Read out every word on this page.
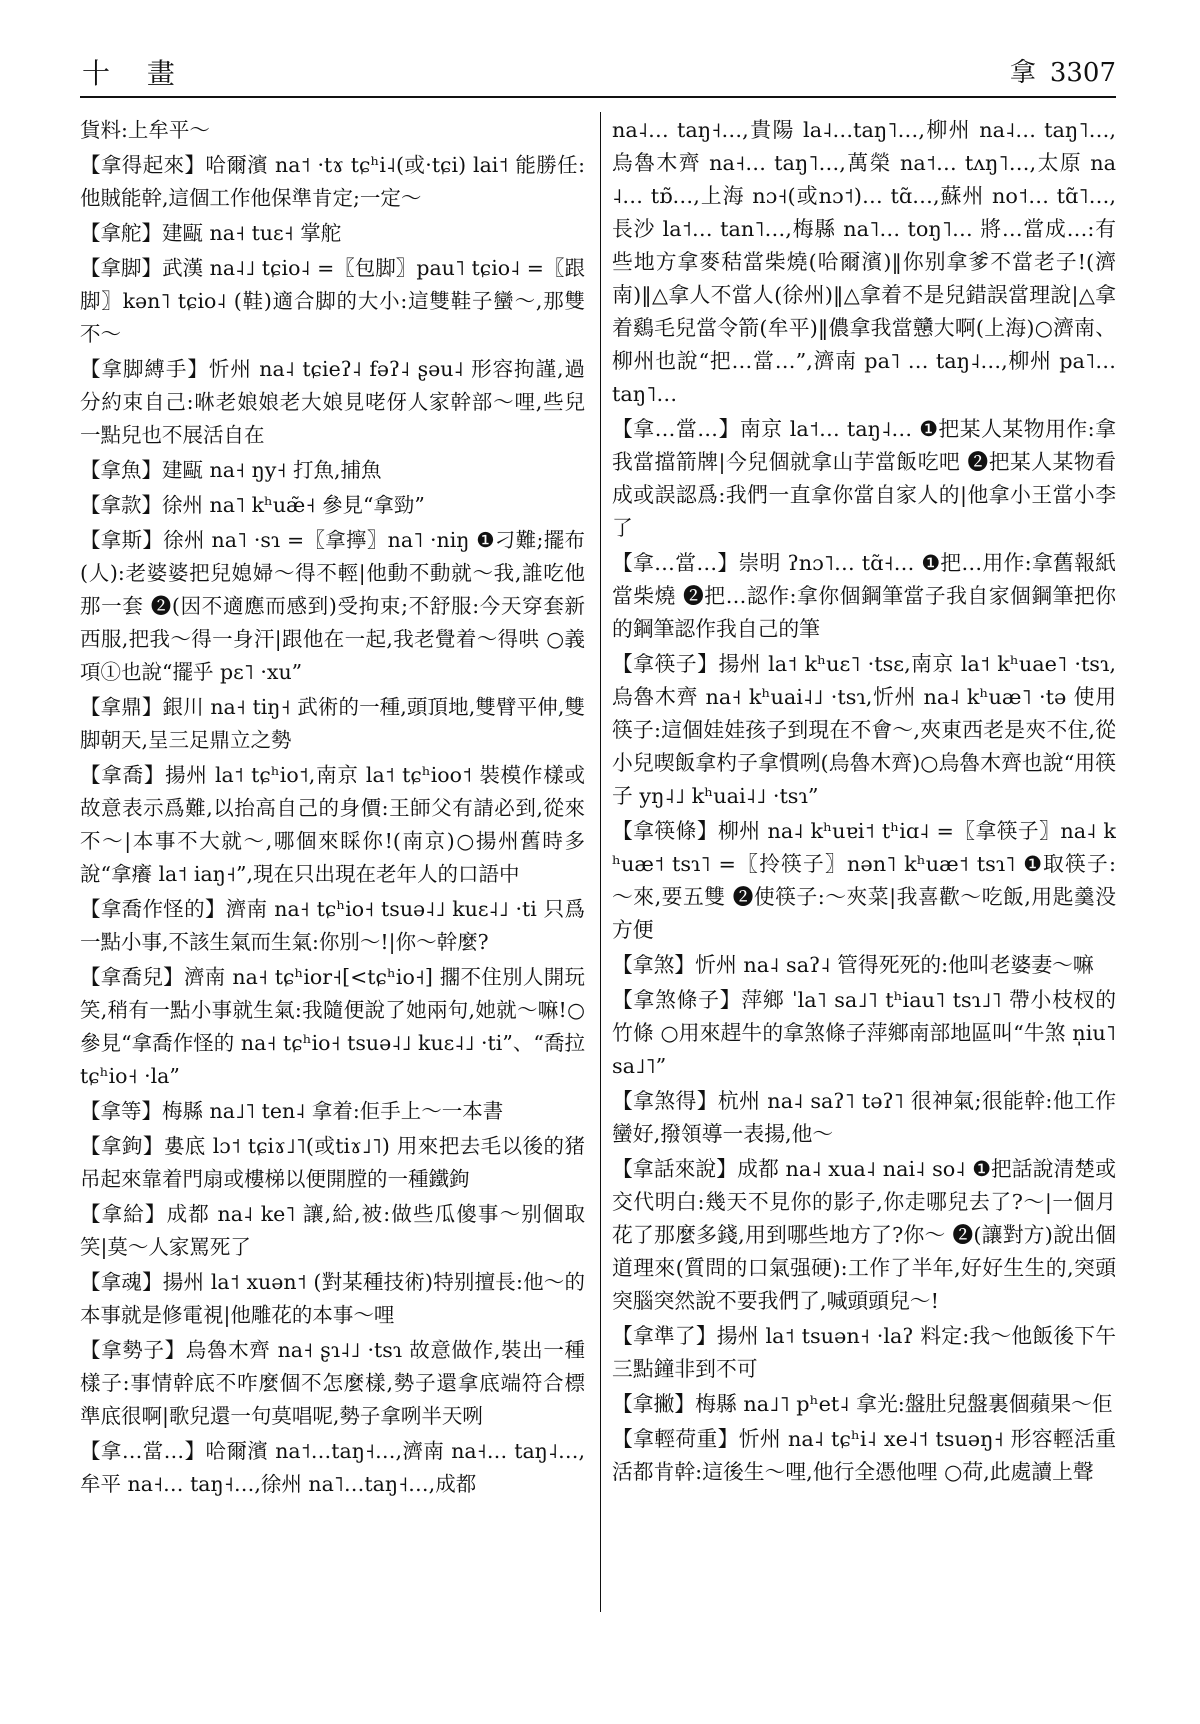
十 畫	拿 3307

貨料:上牟平～

【拿得起來】哈爾濱 na˦ ·tɤ tɕʰi˨(或·tɕi) lai˦ 能勝任:他賊能幹,這個工作他保準肯定;一定～

【拿舵】建甌 na˧ tuɛ˧ 掌舵

【拿脚】武漢 na˨˩ tɕio˨ =〖包脚〗pau˥ tɕio˨ =〖跟脚〗kən˥ tɕio˨ (鞋)適合脚的大小:這雙鞋子蠻～,那雙不～

【拿脚縛手】忻州 na˨ tɕieʔ˨ fəʔ˨ ʂəu˨ 形容拘謹,過分約束自己:咻老娘娘老大娘見咾伢人家幹部～哩,些兒一點兒也不展活自在

【拿魚】建甌 na˧ ŋy˧ 打魚,捕魚

【拿款】徐州 na˥ kʰuæ̃˧ 參見“拿勁”

【拿斯】徐州 na˥ ·sɿ =〖拿擰〗na˥ ·niŋ ❶刁難;擺布(人):老婆婆把兒媳婦～得不輕|他動不動就～我,誰吃他那一套 ❷(因不適應而感到)受拘束;不舒服:今天穿套新西服,把我～得一身汗|跟他在一起,我老覺着～得哄 ○義項①也說“擺乎 pɛ˥ ·xu”

【拿鼎】銀川 na˧ tiŋ˧ 武術的一種,頭頂地,雙臂平伸,雙脚朝天,呈三足鼎立之勢

【拿喬】揚州 la˦ tɕʰio˦,南京 la˦ tɕʰioo˦ 裝模作樣或故意表示爲難,以抬高自己的身價:王師父有請必到,從來不～|本事不大就～,哪個來睬你!(南京)○揚州舊時多說“拿癢 la˦ iaŋ˧”,現在只出現在老年人的口語中

【拿喬作怪的】濟南 na˧ tɕʰio˧ tsuə˨˩ kuɛ˨˩ ·ti 只爲一點小事,不該生氣而生氣:你別～!|你～幹麼?

【拿喬兒】濟南 na˧ tɕʰior˧[<tɕʰio˧] 擱不住別人開玩笑,稍有一點小事就生氣:我隨便說了她兩句,她就～嘛!○參見“拿喬作怪的 na˧ tɕʰio˧ tsuə˨˩ kuɛ˨˩ ·ti”、“喬拉 tɕʰio˧ ·la”

【拿等】梅縣 na˩˥ ten˨ 拿着:佢手上～一本書

【拿鉤】婁底 lɔ˦ tɕiɤ˩˥(或tiɤ˩˥) 用來把去毛以後的猪吊起來靠着門扇或樓梯以便開膛的一種鐵鉤

【拿給】成都 na˨ ke˥ 讓,給,被:做些瓜傻事～别個取笑|莫～人家罵死了

【拿魂】揚州 la˦ xuən˦ (對某種技術)特别擅長:他～的本事就是修電視|他雕花的本事～哩

【拿勢子】烏魯木齊 na˧ ʂɿ˨˩ ·tsɿ 故意做作,裝出一種樣子:事情幹底不咋麼個不怎麼樣,勢子還拿底端符合標準底很啊|歌兒還一句莫唱呢,勢子拿咧半天咧

【拿…當…】哈爾濱 na˦…taŋ˧…,濟南 na˧… taŋ˨…,牟平 na˧… taŋ˧…,徐州 na˥…taŋ˧…,成都

na˨… taŋ˧…,貴陽 la˨…taŋ˥…,柳州 na˨… taŋ˥…,烏魯木齊 na˧… taŋ˥…,萬榮 na˦… tʌŋ˥…,太原 na˨… tɒ̃…,上海 nɔ˧(或nɔ˦)… tɑ̃…,蘇州 no˦… tɑ̃˥…,長沙 la˦… tan˥…,梅縣 na˥… toŋ˥… 將…當成…:有些地方拿麥秸當柴燒(哈爾濱)‖你别拿爹不當老子!(濟南)‖△拿人不當人(徐州)‖△拿着不是兒錯誤當理說|△拿着鷄毛兒當令箭(牟平)‖儂拿我當戇大啊(上海)○濟南、柳州也說“把…當…”,濟南 pa˥ … taŋ˨…,柳州 pa˥… taŋ˥…

【拿…當…】南京 la˦… taŋ˨… ❶把某人某物用作:拿我當擋箭牌|今兒個就拿山芋當飯吃吧 ❷把某人某物看成或誤認爲:我們一直拿你當自家人的|他拿小王當小李了

【拿…當…】崇明 ʔnɔ˥… tɑ̃˧… ❶把…用作:拿舊報紙當柴燒 ❷把…認作:拿你個鋼筆當子我自家個鋼筆把你的鋼筆認作我自己的筆

【拿筷子】揚州 la˦ kʰuɛ˥ ·tsɛ,南京 la˦ kʰuae˥ ·tsɿ,烏魯木齊 na˧ kʰuai˨˩ ·tsɿ,忻州 na˨ kʰuæ˥ ·tə 使用筷子:這個娃娃孩子到現在不會～,夾東西老是夾不住,從小兒喫飯拿杓子拿慣咧(烏魯木齊)○烏魯木齊也說“用筷子 yŋ˨˩ kʰuai˨˩ ·tsɿ”

【拿筷條】柳州 na˨ kʰuɐi˦ tʰiɑ˨ =〖拿筷子〗na˨ kʰuæ˦ tsɿ˥ =〖拎筷子〗nən˥ kʰuæ˦ tsɿ˥ ❶取筷子:～來,要五雙 ❷使筷子:～夾菜|我喜歡～吃飯,用匙羹没方便

【拿煞】忻州 na˨ saʔ˨ 管得死死的:他叫老婆妻～嘛

【拿煞條子】萍鄉 ˈla˥ sa˩˥ tʰiau˥ tsɿ˩˥ 帶小枝杈的竹條 ○用來趕牛的拿煞條子萍鄉南部地區叫“牛煞 n̩iu˥ sa˩˥”

【拿煞得】杭州 na˨ saʔ˥ təʔ˥ 很神氣;很能幹:他工作蠻好,撥領導一表揚,他～

【拿話來說】成都 na˨ xua˨ nai˨ so˨ ❶把話說清楚或交代明白:幾天不見你的影子,你走哪兒去了?～|一個月花了那麼多錢,用到哪些地方了?你～ ❷(讓對方)說出個道理來(質問的口氣强硬):工作了半年,好好生生的,突頭突腦突然說不要我們了,喊頭頭兒～!

【拿準了】揚州 la˦ tsuən˧ ·laʔ 料定:我～他飯後下午三點鐘非到不可

【拿撇】梅縣 na˩˥ pʰet˨ 拿光:盤肚兒盤裏個蘋果～佢

【拿輕荷重】忻州 na˨ tɕʰi˨ xe˨˦ tsuəŋ˧ 形容輕活重活都肯幹:這後生～哩,他行全憑他哩 ○荷,此處讀上聲
